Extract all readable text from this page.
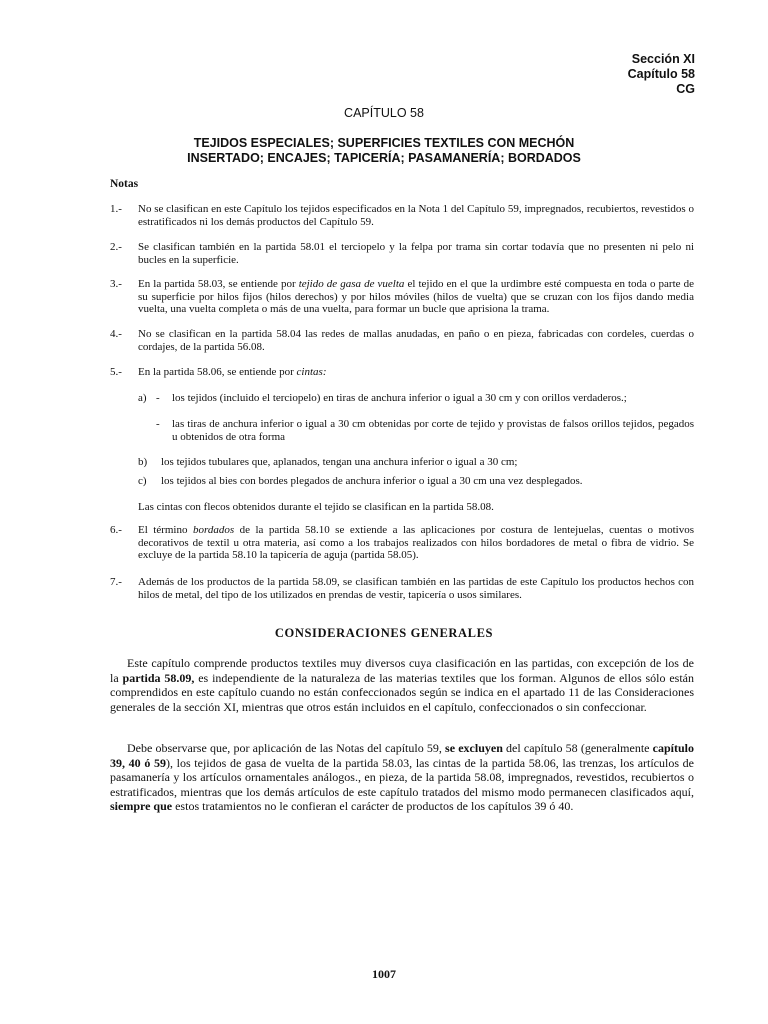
Sección XI
Capítulo 58
CG
CAPÍTULO 58
TEJIDOS ESPECIALES; SUPERFICIES TEXTILES CON MECHÓN
INSERTADO; ENCAJES; TAPICERÍA; PASAMANERÍA; BORDADOS
Notas
1.- No se clasifican en este Capítulo los tejidos especificados en la Nota 1 del Capítulo 59, impregnados, recubiertos, revestidos o estratificados ni los demás productos del Capítulo 59.
2.- Se clasifican también en la partida 58.01 el terciopelo y la felpa por trama sin cortar todavía que no presenten ni pelo ni bucles en la superficie.
3.- En la partida 58.03, se entiende por tejido de gasa de vuelta el tejido en el que la urdimbre esté compuesta en toda o parte de su superficie por hilos fijos (hilos derechos) y por hilos móviles (hilos de vuelta) que se cruzan con los fijos dando media vuelta, una vuelta completa o más de una vuelta, para formar un bucle que aprisiona la trama.
4.- No se clasifican en la partida 58.04 las redes de mallas anudadas, en paño o en pieza, fabricadas con cordeles, cuerdas o cordajes, de la partida 56.08.
5.- En la partida 58.06, se entiende por cintas:
a) - los tejidos (incluido el terciopelo) en tiras de anchura inferior o igual a 30 cm y con orillos verdaderos.;
- las tiras de anchura inferior o igual a 30 cm obtenidas por corte de tejido y provistas de falsos orillos tejidos, pegados u obtenidos de otra forma
b) los tejidos tubulares que, aplanados, tengan una anchura inferior o igual a 30 cm;
c) los tejidos al bies con bordes plegados de anchura inferior o igual a 30 cm una vez desplegados.
Las cintas con flecos obtenidos durante el tejido se clasifican en la partida 58.08.
6.- El término bordados de la partida 58.10 se extiende a las aplicaciones por costura de lentejuelas, cuentas o motivos decorativos de textil u otra materia, así como a los trabajos realizados con hilos bordadores de metal o fibra de vidrio. Se excluye de la partida 58.10 la tapicería de aguja (partida 58.05).
7.- Además de los productos de la partida 58.09, se clasifican también en las partidas de este Capítulo los productos hechos con hilos de metal, del tipo de los utilizados en prendas de vestir, tapicería o usos similares.
CONSIDERACIONES GENERALES
Este capítulo comprende productos textiles muy diversos cuya clasificación en las partidas, con excepción de los de la partida 58.09, es independiente de la naturaleza de las materias textiles que los forman. Algunos de ellos sólo están comprendidos en este capítulo cuando no están confeccionados según se indica en el apartado 11 de las Consideraciones generales de la sección XI, mientras que otros están incluidos en el capítulo, confeccionados o sin confeccionar.
Debe observarse que, por aplicación de las Notas del capítulo 59, se excluyen del capítulo 58 (generalmente capítulo 39, 40 ó 59), los tejidos de gasa de vuelta de la partida 58.03, las cintas de la partida 58.06, las trenzas, los artículos de pasamanería y los artículos ornamentales análogos., en pieza, de la partida 58.08, impregnados, revestidos, recubiertos o estratificados, mientras que los demás artículos de este capítulo tratados del mismo modo permanecen clasificados aquí, siempre que estos tratamientos no le confieran el carácter de productos de los capítulos 39 ó 40.
1007
